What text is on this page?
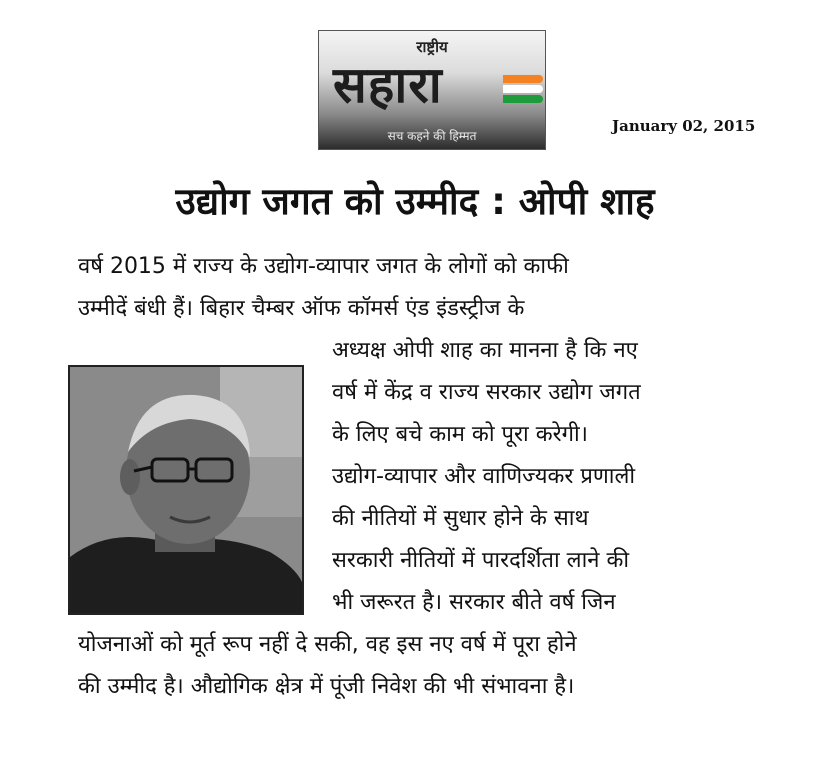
राष्ट्रीय
सहारा
सच कहने की हिम्मत
January 02, 2015
उद्योग जगत को उम्मीद : ओपी शाह
वर्ष 2015 में राज्य के उद्योग-व्यापार जगत के लोगों को काफी
उम्मीदें बंधी हैं। बिहार चैम्बर ऑफ कॉमर्स एंड इंडस्ट्रीज के
अध्यक्ष ओपी शाह का मानना है कि नए
वर्ष में केंद्र व राज्य सरकार उद्योग जगत
के लिए बचे काम को पूरा करेगी।
उद्योग-व्यापार और वाणिज्यकर प्रणाली
की नीतियों में सुधार होने के साथ
सरकारी नीतियों में पारदर्शिता लाने की
भी जरूरत है। सरकार बीते वर्ष जिन
योजनाओं को मूर्त रूप नहीं दे सकी, वह इस नए वर्ष में पूरा होने
की उम्मीद है। औद्योगिक क्षेत्र में पूंजी निवेश की भी संभावना है।
